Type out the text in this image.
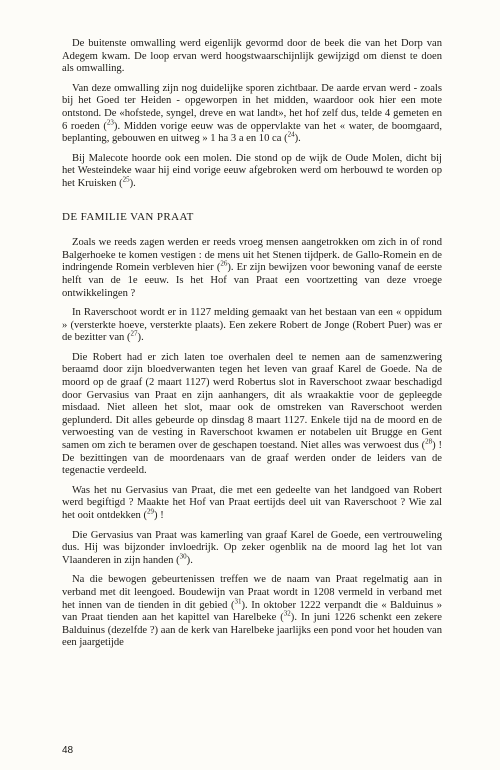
De buitenste omwalling werd eigenlijk gevormd door de beek die van het Dorp van Adegem kwam. De loop ervan werd hoogstwaarschijnlijk gewijzigd om dienst te doen als omwalling.

Van deze omwalling zijn nog duidelijke sporen zichtbaar. De aarde ervan werd - zoals bij het Goed ter Heiden - opgeworpen in het midden, waardoor ook hier een mote ontstond. De «hofstede, syngel, dreve en wat landt», het hof zelf dus, telde 4 gemeten en 6 roeden ($^{23}$). Midden vorige eeuw was de oppervlakte van het « water, de boomgaard, beplanting, gebouwen en uitweg » 1 ha 3 a en 10 ca ($^{24}$).

Bij Malecote hoorde ook een molen. Die stond op de wijk de Oude Molen, dicht bij het Westeindeke waar hij eind vorige eeuw afgebroken werd om herbouwd te worden op het Kruisken ($^{25}$).

DE FAMILIE VAN PRAAT

Zoals we reeds zagen werden er reeds vroeg mensen aangetrokken om zich in of rond Balgerhoeke te komen vestigen : de mens uit het Stenen tijdperk. de Gallo-Romein en de indringende Romein verbleven hier ($^{26}$). Er zijn bewijzen voor bewoning vanaf de eerste helft van de 1e eeuw. Is het Hof van Praat een voortzetting van deze vroege ontwikkelingen ?

In Raverschoot wordt er in 1127 melding gemaakt van het bestaan van een « oppidum » (versterkte hoeve, versterkte plaats). Een zekere Robert de Jonge (Robert Puer) was er de bezitter van ($^{27}$).

Die Robert had er zich laten toe overhalen deel te nemen aan de samenzwering beraamd door zijn bloedverwanten tegen het leven van graaf Karel de Goede. Na de moord op de graaf (2 maart 1127) werd Robertus slot in Raverschoot zwaar beschadigd door Gervasius van Praat en zijn aanhangers, dit als wraakaktie voor de gepleegde misdaad. Niet alleen het slot, maar ook de omstreken van Raverschoot werden geplunderd. Dit alles gebeurde op dinsdag 8 maart 1127. Enkele tijd na de moord en de verwoesting van de vesting in Raverschoot kwamen er notabelen uit Brugge en Gent samen om zich te beramen over de geschapen toestand. Niet alles was verwoest dus ($^{28}$) ! De bezittingen van de moordenaars van de graaf werden onder de leiders van de tegenactie verdeeld.

Was het nu Gervasius van Praat, die met een gedeelte van het landgoed van Robert werd begiftigd ? Maakte het Hof van Praat eertijds deel uit van Raverschoot ? Wie zal het ooit ontdekken ($^{29}$) !

Die Gervasius van Praat was kamerling van graaf Karel de Goede, een vertrouweling dus. Hij was bijzonder invloedrijk. Op zeker ogenblik na de moord lag het lot van Vlaanderen in zijn handen ($^{30}$).

Na die bewogen gebeurtenissen treffen we de naam van Praat regelmatig aan in verband met dit leengoed. Boudewijn van Praat wordt in 1208 vermeld in verband met het innen van de tienden in dit gebied ($^{31}$). In oktober 1222 verpandt die « Balduinus » van Praat tienden aan het kapittel van Harelbeke ($^{32}$). In juni 1226 schenkt een zekere Balduinus (dezelfde ?) aan de kerk van Harelbeke jaarlijks een pond voor het houden van een jaargetijde

48
